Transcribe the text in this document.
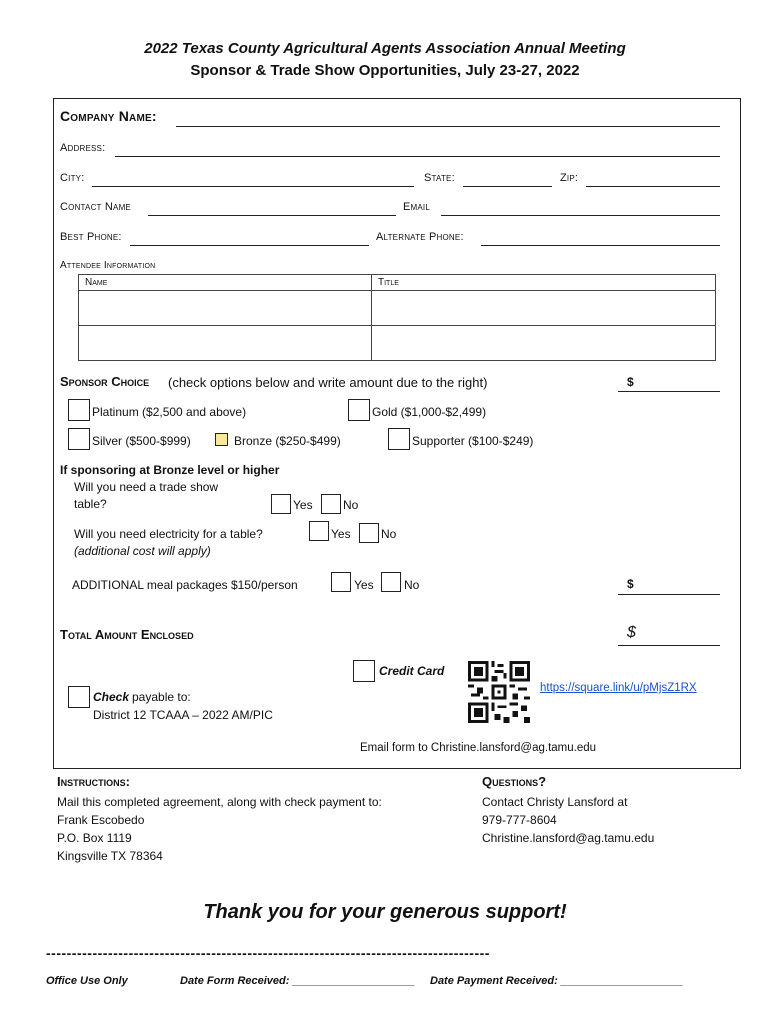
2022 Texas County Agricultural Agents Association Annual Meeting
Sponsor & Trade Show Opportunities, July 23-27, 2022
Company Name:
Address:
City:	State:	Zip:
Contact Name	Email
Best Phone:	Alternate Phone:
Attendee Information
Name	Title

Sponsor Choice (check options below and write amount due to the right)	$
Platinum ($2,500 and above)	Gold ($1,000-$2,499)
Silver ($500-$999)	Bronze ($250-$499)	Supporter ($100-$249)
If sponsoring at Bronze level or higher
Will you need a trade show
table?	Yes	No
Will you need electricity for a table?
(additional cost will apply)
Yes	No
ADDITIONAL meal packages $150/person	Yes	No	$
Total Amount Enclosed	$
Credit Card
https://square.link/u/pMjsZ1RX
Check payable to:
District 12 TCAAA – 2022 AM/PIC
Email form to Christine.lansford@ag.tamu.edu
Instructions:
Mail this completed agreement, along with check payment to:
Frank Escobedo
P.O. Box 1119
Kingsville TX 78364
Questions?
Contact Christy Lansford at
979-777-8604
Christine.lansford@ag.tamu.edu
Thank you for your generous support!
--------------------------------------------------------------------------------------
Office Use Only	Date Form Received: ____________________ Date Payment Received: ____________________
